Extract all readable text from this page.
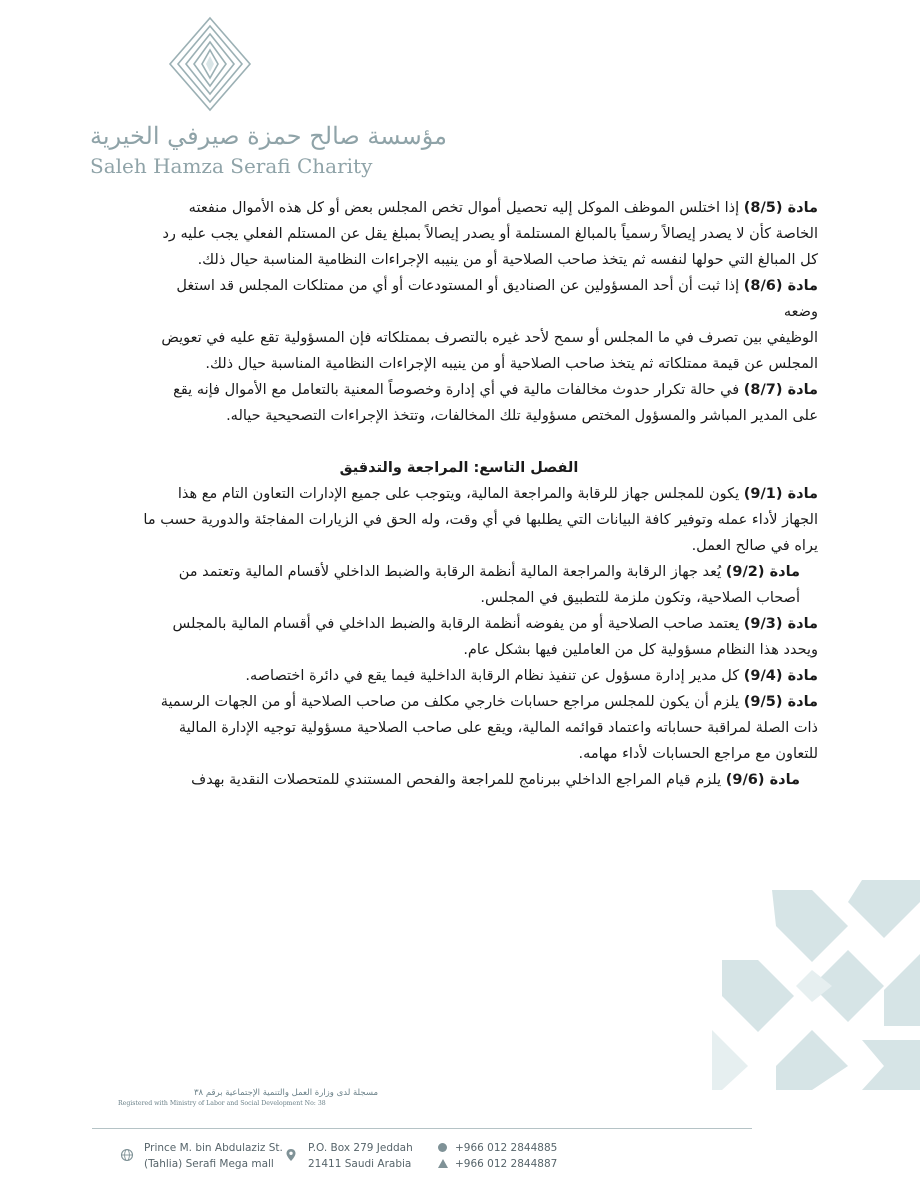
مؤسسة صالح حمزة صيرفي الخيرية
Saleh Hamza Serafi Charity

مادة (8/5) إذا اختلس الموظف الموكل إليه تحصيل أموال تخص المجلس بعض أو كل هذه الأموال منفعته

الخاصة كأن لا يصدر إيصالاً رسمياً بالمبالغ المستلمة أو يصدر إيصالاً بمبلغ يقل عن المستلم الفعلي يجب عليه رد

كل المبالغ التي حولها لنفسه ثم يتخذ صاحب الصلاحية أو من ينيبه الإجراءات النظامية المناسبة حيال ذلك.

مادة (8/6) إذا ثبت أن أحد المسؤولين عن الصناديق أو المستودعات أو أي من ممتلكات المجلس قد استغل

وضعه

الوظيفي بين تصرف في ما المجلس أو سمح لأحد غيره بالتصرف بممتلكاته فإن المسؤولية تقع عليه في تعويض

المجلس عن قيمة ممتلكاته ثم يتخذ صاحب الصلاحية أو من ينيبه الإجراءات النظامية المناسبة حيال ذلك.

مادة (8/7) في حالة تكرار حدوث مخالفات مالية في أي إدارة وخصوصاً المعنية بالتعامل مع الأموال فإنه يقع

على المدير المباشر والمسؤول المختص مسؤولية تلك المخالفات، وتتخذ الإجراءات التصحيحية حياله.

الفصل التاسع: المراجعة والتدقيق

مادة (9/1) يكون للمجلس جهاز للرقابة والمراجعة المالية، ويتوجب على جميع الإدارات التعاون التام مع هذا

الجهاز لأداء عمله وتوفير كافة البيانات التي يطلبها في أي وقت، وله الحق في الزيارات المفاجئة والدورية حسب ما

يراه في صالح العمل.

مادة (9/2) يُعد جهاز الرقابة والمراجعة المالية أنظمة الرقابة والضبط الداخلي لأقسام المالية وتعتمد من

أصحاب الصلاحية، وتكون ملزمة للتطبيق في المجلس.

مادة (9/3) يعتمد صاحب الصلاحية أو من يفوضه أنظمة الرقابة والضبط الداخلي في أقسام المالية بالمجلس

ويحدد هذا النظام مسؤولية كل من العاملين فيها بشكل عام.

مادة (9/4) كل مدير إدارة مسؤول عن تنفيذ نظام الرقابة الداخلية فيما يقع في دائرة اختصاصه.

مادة (9/5) يلزم أن يكون للمجلس مراجع حسابات خارجي مكلف من صاحب الصلاحية أو من الجهات الرسمية

ذات الصلة لمراقبة حساباته واعتماد قوائمه المالية، ويقع على صاحب الصلاحية مسؤولية توجيه الإدارة المالية

للتعاون مع مراجع الحسابات لأداء مهامه.

مادة (9/6) يلزم قيام المراجع الداخلي ببرنامج للمراجعة والفحص المستندي للمتحصلات النقدية بهدف

مسجلة لدى وزارة العمل والتنمية الإجتماعية برقم ٣٨
Registered with Ministry of Labor and Social Development No: 38
Prince M. bin Abdulaziz St.
(Tahlia) Serafi Mega mall
P.O. Box 279 Jeddah
21411 Saudi Arabia
+966 012 2844885
+966 012 2844887
